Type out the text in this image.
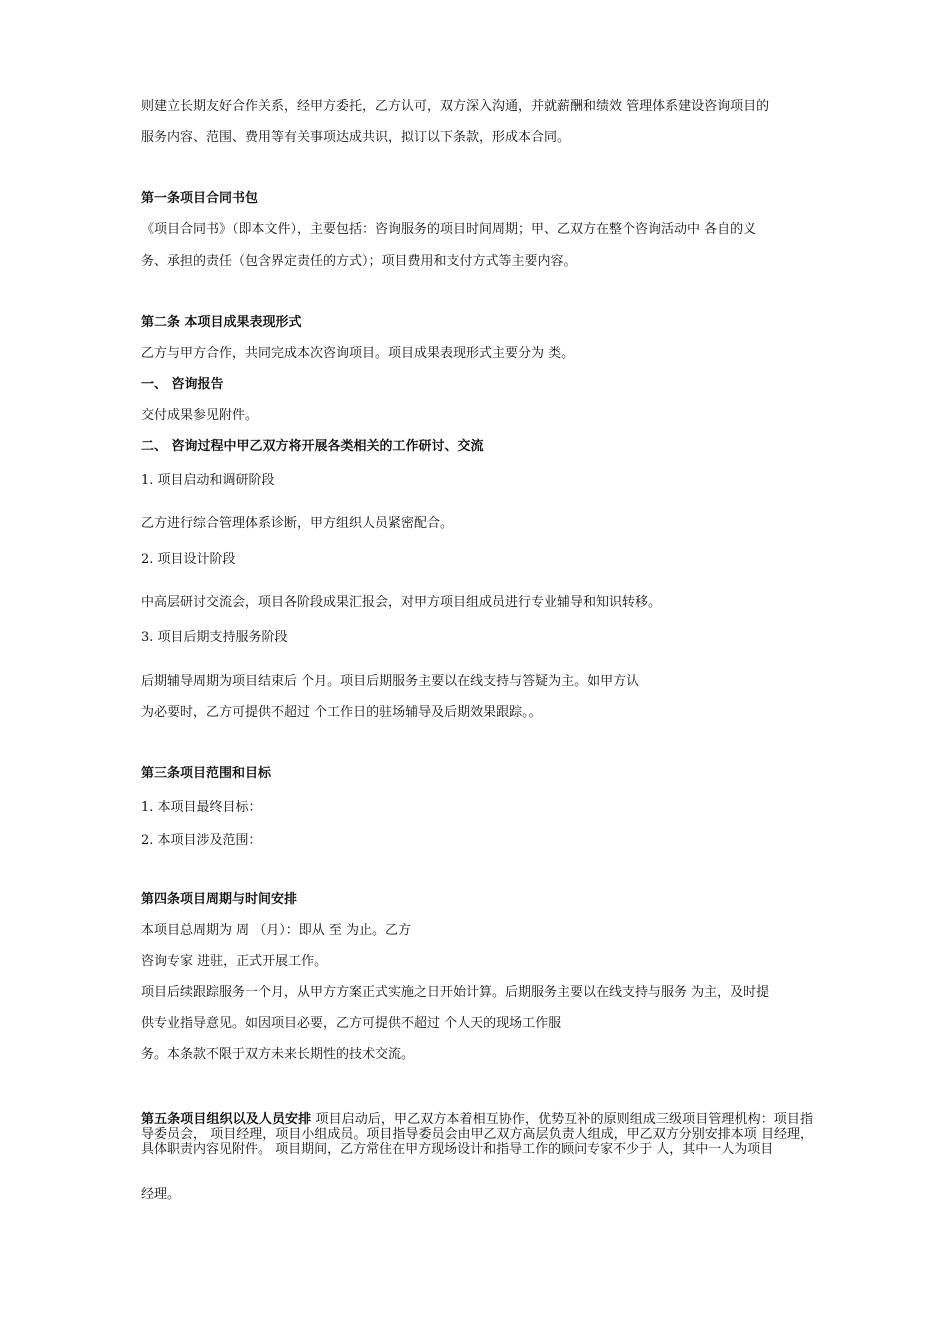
则建立长期友好合作关系，经甲方委托，乙方认可，双方深入沟通，并就薪酬和绩效 管理体系建设咨询项目的
服务内容、范围、费用等有关事项达成共识，拟订以下条款，形成本合同。
第一条项目合同书包
《项目合同书》（即本文件），主要包括：咨询服务的项目时间周期；甲、乙双方在整个咨询活动中 各自的义
务、承担的责任（包含界定责任的方式）；项目费用和支付方式等主要内容。
第二条 本项目成果表现形式
乙方与甲方合作，共同完成本次咨询项目。项目成果表现形式主要分为 类。
一、 咨询报告
交付成果参见附件。
二、 咨询过程中甲乙双方将开展各类相关的工作研讨、交流
1. 项目启动和调研阶段
乙方进行综合管理体系诊断，甲方组织人员紧密配合。
2. 项目设计阶段
中高层研讨交流会，项目各阶段成果汇报会，对甲方项目组成员进行专业辅导和知识转移。
3. 项目后期支持服务阶段
后期辅导周期为项目结束后 个月。项目后期服务主要以在线支持与答疑为主。如甲方认
为必要时，乙方可提供不超过 个工作日的驻场辅导及后期效果跟踪。。
第三条项目范围和目标
1. 本项目最终目标：
2. 本项目涉及范围：
第四条项目周期与时间安排
本项目总周期为 周 （月）：即从 至 为止。乙方
咨询专家 进驻，正式开展工作。
项目后续跟踪服务一个月，从甲方方案正式实施之日开始计算。后期服务主要以在线支持与服务 为主，及时提
供专业指导意见。如因项目必要，乙方可提供不超过 个人天的现场工作服
务。本条款不限于双方未来长期性的技术交流。
第五条项目组织以及人员安排 项目启动后，甲乙双方本着相互协作，优势互补的原则组成三级项目管理机构：项目指导委员会， 项目经理，项目小组成员。项目指导委员会由甲乙双方高层负责人组成，甲乙双方分别安排本项 目经理，具体职责内容见附件。 项目期间，乙方常住在甲方现场设计和指导工作的顾问专家不少于 人，其中一人为项目
经理。
